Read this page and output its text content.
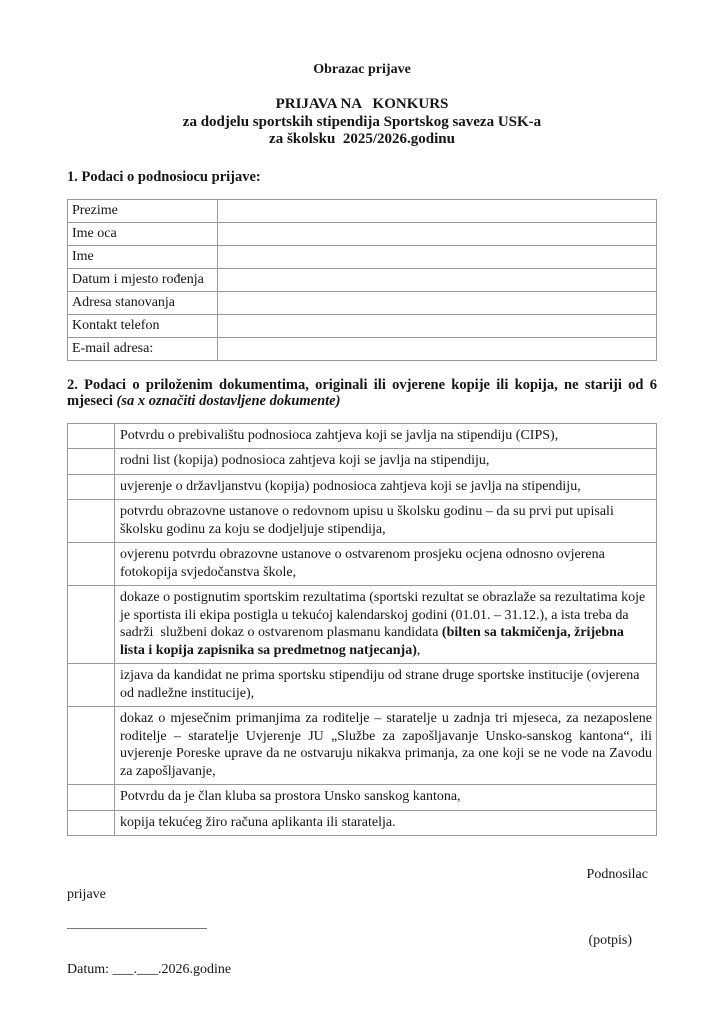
Obrazac prijave
PRIJAVA NA   KONKURS
za dodjelu sportskih stipendija Sportskog saveza USK-a
za školsku  2025/2026.godinu
1. Podaci o podnosiocu prijave:
Prezime	
Ime oca	
Ime	
Datum i mjesto rođenja	
Adresa stanovanja	
Kontakt telefon	
E-mail adresa:	
2. Podaci o priloženim dokumentima, originali ili ovjerene kopije ili kopija, ne stariji od 6 mjeseci (sa x označiti dostavljene dokumente)
	Potvrdu o prebivalištu podnosioca zahtjeva koji se javlja na stipendiju (CIPS),
	rodni list (kopija) podnosioca zahtjeva koji se javlja na stipendiju,
	uvjerenje o državljanstvu (kopija) podnosioca zahtjeva koji se javlja na stipendiju,
	potvrdu obrazovne ustanove o redovnom upisu u školsku godinu – da su prvi put upisali školsku godinu za koju se dodjeljuje stipendija,
	ovjerenu potvrdu obrazovne ustanove o ostvarenom prosjeku ocjena odnosno ovjerena fotokopija svjedočanstva škole,
	dokaze o postignutim sportskim rezultatima (sportski rezultat se obrazlaže sa rezultatima koje je sportista ili ekipa postigla u tekućoj kalendarskoj godini (01.01. – 31.12.), a ista treba da sadrži  službeni dokaz o ostvarenom plasmanu kandidata (bilten sa takmičenja, žrijebna lista i kopija zapisnika sa predmetnog natjecanja),
	izjava da kandidat ne prima sportsku stipendiju od strane druge sportske institucije (ovjerena od nadležne institucije),
	dokaz o mjesečnim primanjima za roditelje – staratelje u zadnja tri mjeseca, za nezaposlene roditelje – staratelje Uvjerenje JU „Službe za zapošljavanje Unsko-sanskog kantona“, ili uvjerenje Poreske uprave da ne ostvaruju nikakva primanja, za one koji se ne vode na Zavodu za zapošljavanje,
	Potvrdu da je član kluba sa prostora Unsko sanskog kantona,
	kopija tekućeg žiro računa aplikanta ili staratelja.
Podnosilac
prijave
(potpis)
Datum: ___.___.2026.godine
